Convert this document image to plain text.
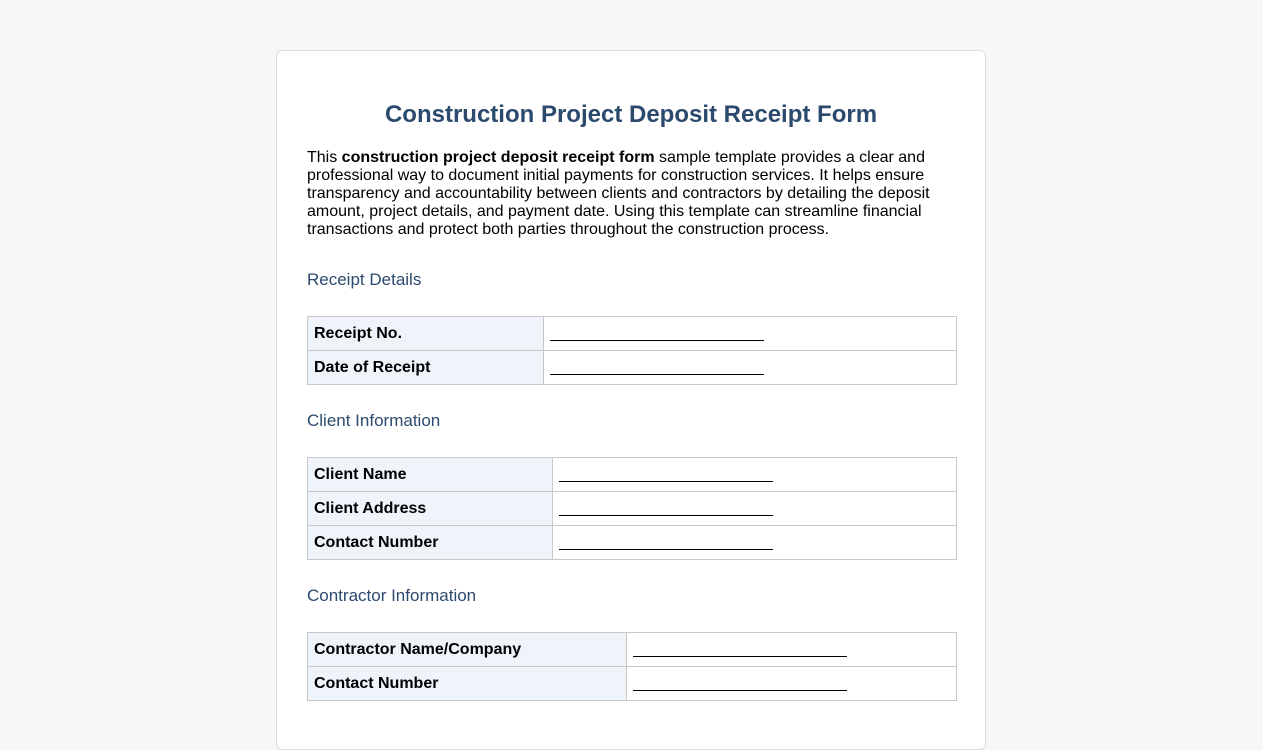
Construction Project Deposit Receipt Form

This construction project deposit receipt form sample template provides a clear and professional way to document initial payments for construction services. It helps ensure transparency and accountability between clients and contractors by detailing the deposit amount, project details, and payment date. Using this template can streamline financial transactions and protect both parties throughout the construction process.

Receipt Details
Receipt No.	
Date of Receipt	
Client Information
Client Name	
Client Address	
Contact Number	
Contractor Information
Contractor Name/Company	
Contact Number	
